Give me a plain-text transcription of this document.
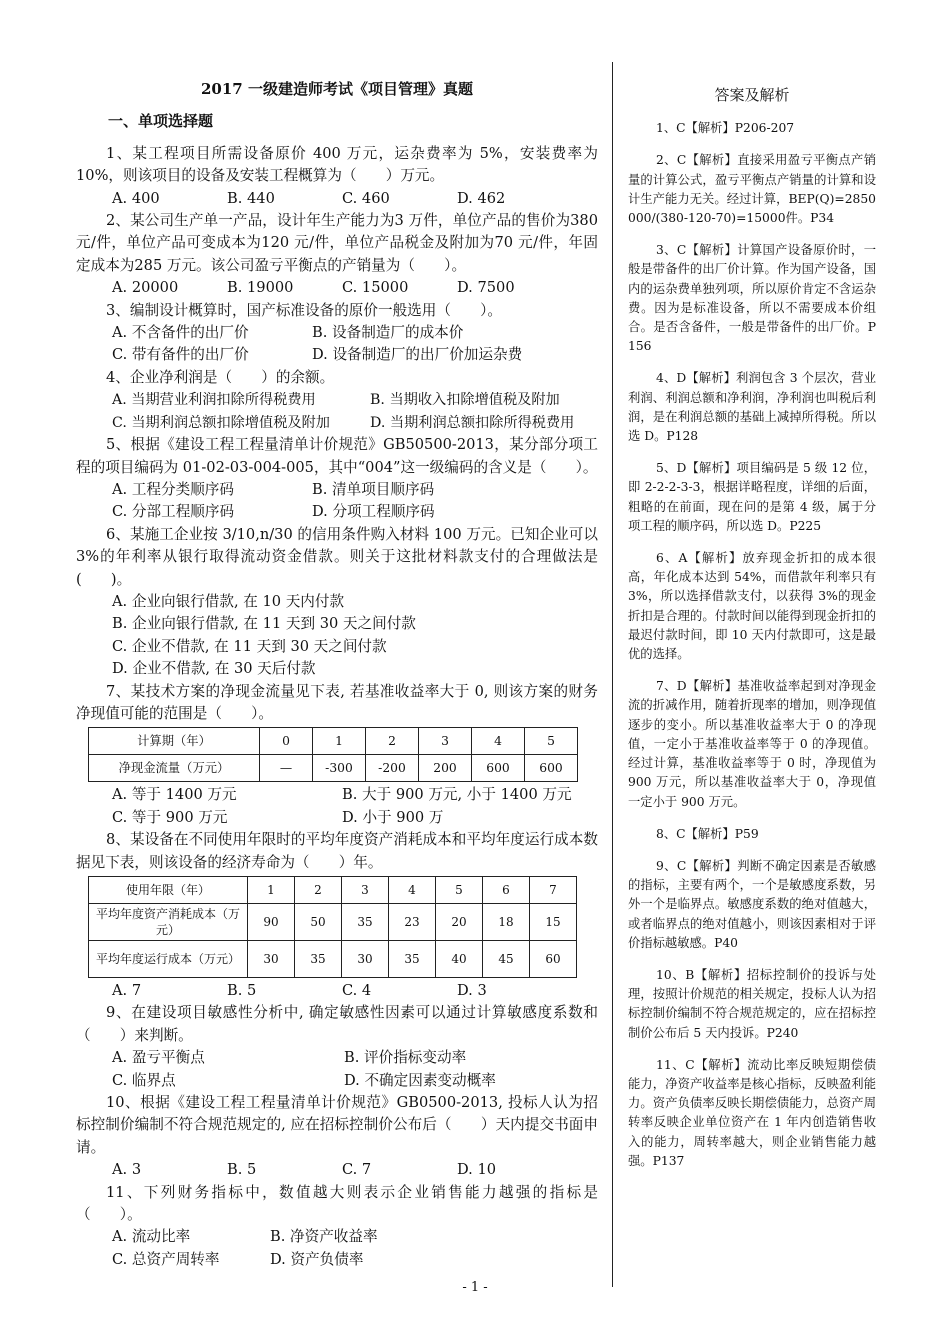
2017 一级建造师考试《项目管理》真题
一、单项选择题

1、某工程项目所需设备原价 400 万元，运杂费率为 5%，安装费率为 10%，则该项目的设备及安装工程概算为（　　）万元。

A. 400	B. 440	C. 460	D. 462

2、某公司生产单一产品，设计年生产能力为3 万件，单位产品的售价为380 元/件，单位产品可变成本为120 元/件，单位产品税金及附加为70 元/件，年固定成本为285 万元。该公司盈亏平衡点的产销量为（　　）。

A. 20000	B. 19000	C. 15000	D. 7500

3、编制设计概算时，国产标准设备的原价一般选用（　　）。

A. 不含备件的出厂价	B. 设备制造厂的成本价
C. 带有备件的出厂价	D. 设备制造厂的出厂价加运杂费

4、企业净利润是（　　）的余额。

A. 当期营业利润扣除所得税费用	B. 当期收入扣除增值税及附加
C. 当期利润总额扣除增值税及附加	D. 当期利润总额扣除所得税费用

5、根据《建设工程工程量清单计价规范》GB50500-2013，某分部分项工程的项目编码为 01-02-03-004-005，其中“004”这一级编码的含义是（　　）。

A. 工程分类顺序码	B. 清单项目顺序码
C. 分部工程顺序码	D. 分项工程顺序码

6、某施工企业按 3/10,n/30 的信用条件购入材料 100 万元。已知企业可以 3%的年利率从银行取得流动资金借款。则关于这批材料款支付的合理做法是(　　)。

A. 企业向银行借款, 在 10 天内付款
B. 企业向银行借款, 在 11 天到 30 天之间付款
C. 企业不借款, 在 11 天到 30 天之间付款
D. 企业不借款, 在 30 天后付款

7、某技术方案的净现金流量见下表, 若基准收益率大于 0, 则该方案的财务净现值可能的范围是（　　）。

计算期（年）	0	1	2	3	4	5
净现金流量（万元）	—	-300	-200	200	600	600
A. 等于 1400 万元	B. 大于 900 万元, 小于 1400 万元
C. 等于 900 万元	D. 小于 900 万

8、某设备在不同使用年限时的平均年度资产消耗成本和平均年度运行成本数据见下表，则该设备的经济寿命为（　　）年。

使用年限（年）	1	2	3	4	5	6	7
平均年度资产消耗成本（万元）	90	50	35	23	20	18	15
平均年度运行成本（万元）	30	35	30	35	40	45	60
A. 7	B. 5	C. 4	D. 3

9、在建设项目敏感性分析中, 确定敏感性因素可以通过计算敏感度系数和（　　）来判断。

A. 盈亏平衡点	B. 评价指标变动率
C. 临界点	D. 不确定因素变动概率

10、根据《建设工程工程量清单计价规范》GB0500-2013, 投标人认为招标控制价编制不符合规范规定的, 应在招标控制价公布后（　　）天内提交书面申请。

A. 3	B. 5	C. 7	D. 10

11、下列财务指标中，数值越大则表示企业销售能力越强的指标是（　　）。

A. 流动比率	B. 净资产收益率
C. 总资产周转率	D. 资产负债率
答案及解析

1、C【解析】P206-207

2、C【解析】直接采用盈亏平衡点产销量的计算公式，盈亏平衡点产销量的计算和设计生产能力无关。经过计算，BEP(Q)=2850000/(380-120-70)=15000件。P34

3、C【解析】计算国产设备原价时，一般是带备件的出厂价计算。作为国产设备，国内的运杂费单独列项，所以原价肯定不含运杂费。因为是标准设备，所以不需要成本价组合。是否含备件，一般是带备件的出厂价。P156

4、D【解析】利润包含 3 个层次，营业利润、利润总额和净利润，净利润也叫税后利润，是在利润总额的基础上减掉所得税。所以选 D。P128

5、D【解析】项目编码是 5 级 12 位，即 2-2-2-3-3，根据详略程度，详细的后面，粗略的在前面，现在问的是第 4 级，属于分项工程的顺序码，所以选 D。P225

6、A【解析】放弃现金折扣的成本很高，年化成本达到 54%，而借款年利率只有 3%，所以选择借款支付，以获得 3%的现金折扣是合理的。付款时间以能得到现金折扣的最迟付款时间，即 10 天内付款即可，这是最优的选择。

7、D【解析】基准收益率起到对净现金流的折减作用，随着折现率的增加，则净现值逐步的变小。所以基准收益率大于 0 的净现值，一定小于基准收益率等于 0 的净现值。经过计算，基准收益率等于 0 时，净现值为 900 万元，所以基准收益率大于 0，净现值一定小于 900 万元。

8、C【解析】P59

9、C【解析】判断不确定因素是否敏感的指标，主要有两个，一个是敏感度系数，另外一个是临界点。敏感度系数的绝对值越大，或者临界点的绝对值越小，则该因素相对于评价指标越敏感。P40

10、B【解析】招标控制价的投诉与处理，按照计价规范的相关规定，投标人认为招标控制价编制不符合规范规定的，应在招标控制价公布后 5 天内投诉。P240

11、C【解析】流动比率反映短期偿债能力，净资产收益率是核心指标，反映盈利能力。资产负债率反映长期偿债能力，总资产周转率反映企业单位资产在 1 年内创造销售收入的能力，周转率越大，则企业销售能力越强。P137

- 1 -
